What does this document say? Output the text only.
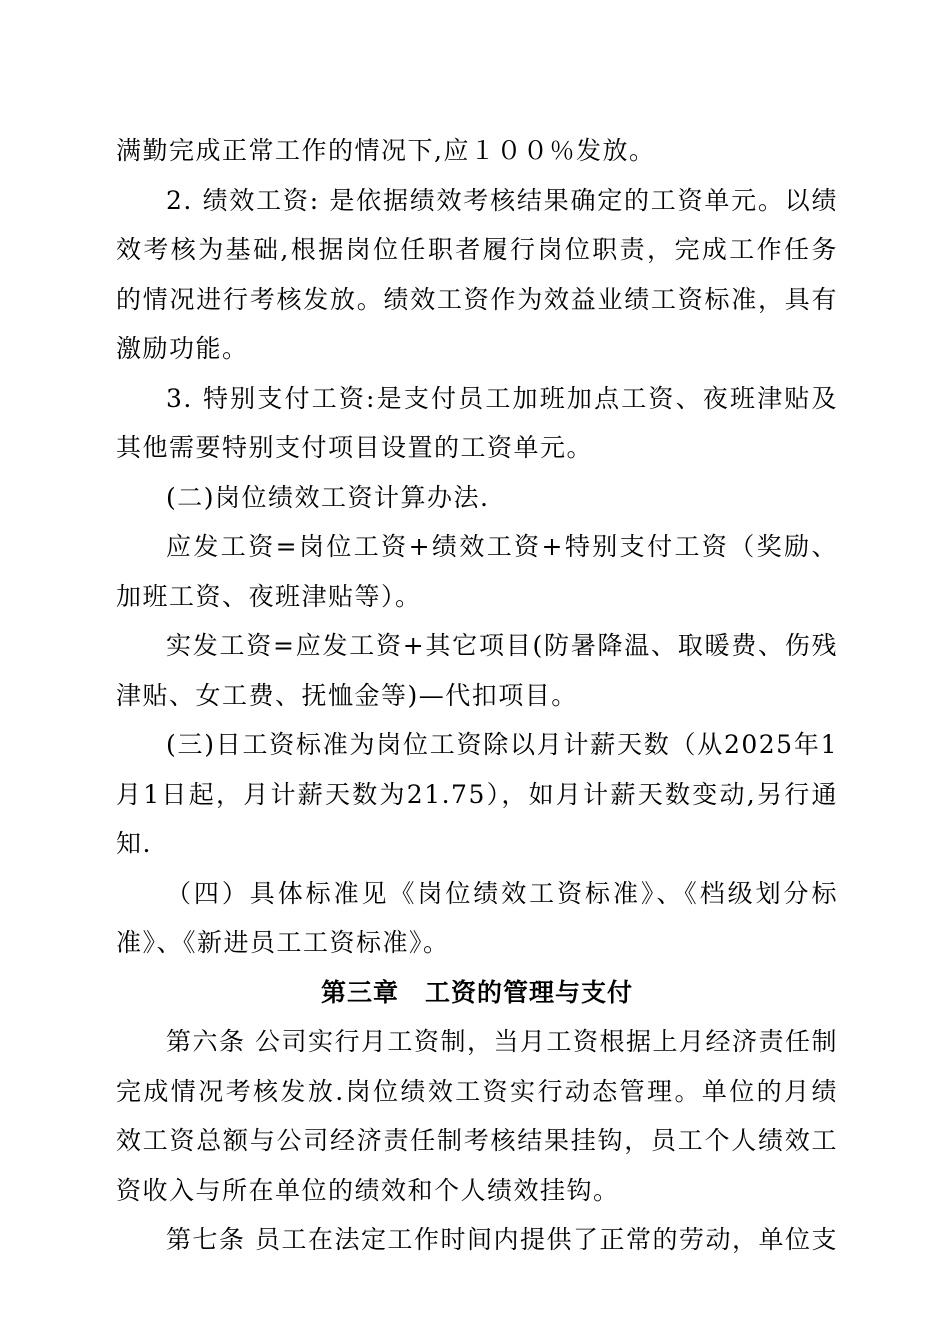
满勤完成正常工作的情况下,应１００％发放。

2. 绩效工资: 是依据绩效考核结果确定的工资单元。以绩效考核为基础,根据岗位任职者履行岗位职责，完成工作任务的情况进行考核发放。绩效工资作为效益业绩工资标准，具有激励功能。

3. 特别支付工资:是支付员工加班加点工资、夜班津贴及其他需要特别支付项目设置的工资单元。

(二)岗位绩效工资计算办法.

应发工资=岗位工资+绩效工资+特别支付工资（奖励、加班工资、夜班津贴等）。

实发工资=应发工资+其它项目(防暑降温、取暖费、伤残津贴、女工费、抚恤金等)—代扣项目。

(三)日工资标准为岗位工资除以月计薪天数（从2025年1月1日起，月计薪天数为21.75），如月计薪天数变动,另行通知.

（四）具体标准见《岗位绩效工资标准》、《档级划分标准》、《新进员工工资标准》。

第三章　工资的管理与支付

第六条 公司实行月工资制，当月工资根据上月经济责任制完成情况考核发放.岗位绩效工资实行动态管理。单位的月绩效工资总额与公司经济责任制考核结果挂钩，员工个人绩效工资收入与所在单位的绩效和个人绩效挂钩。

第七条 员工在法定工作时间内提供了正常的劳动，单位支
